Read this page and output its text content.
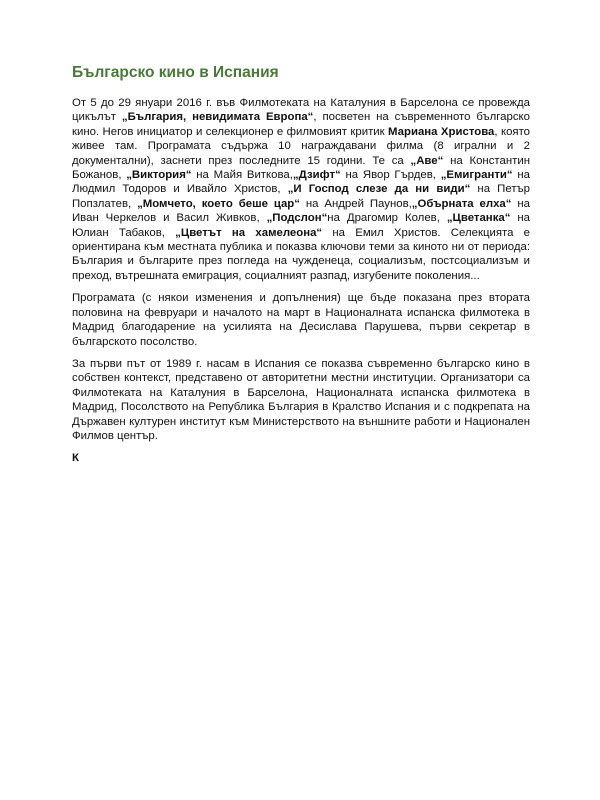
Българско кино в Испания

От 5 до 29 януари 2016 г. във Филмотеката на Каталуния в Барселона се провежда цикълът „България, невидимата Европа“, посветен на съвременното българско кино. Негов инициатор и селекционер е филмовият критик Мариана Христова, която живее там. Програмата съдържа 10 награждавани филма (8 игрални и 2 документални), заснети през последните 15 години. Те са „Аве“ на Константин Божанов, „Виктория“ на Майя Виткова,„Дзифт“ на Явор Гърдев, „Емигранти“ на Людмил Тодоров и Ивайло Христов, „И Господ слезе да ни види“ на Петър Попзлатев, „Момчето, което беше цар“ на Андрей Паунов,„Обърната елха“ на Иван Черкелов и Васил Живков, „Подслон“на Драгомир Колев, „Цветанка“ на Юлиан Табаков, „Цветът на хамелеона“ на Емил Христов. Селекцията е ориентирана към местната публика и показва ключови теми за киното ни от периода: България и българите през погледа на чужденеца, социализъм, постсоциализъм и преход, вътрешната емиграция, социалният разпад, изгубените поколения...

Програмата (с някои изменения и допълнения) ще бъде показана през втората половина на февруари и началото на март в Националната испанска филмотека в Мадрид благодарение на усилията на Десислава Парушева, първи секретар в българското посолство.

За първи път от 1989 г. насам в Испания се показва съвременно българско кино в собствен контекст, представено от авторитетни местни институции. Организатори са Филмотеката на Каталуния в Барселона, Националната испанска филмотека в Мадрид, Посолството на Република България в Кралство Испания и с подкрепата на Държавен културен институт към Министерството на външните работи и Национален Филмов център.

К
